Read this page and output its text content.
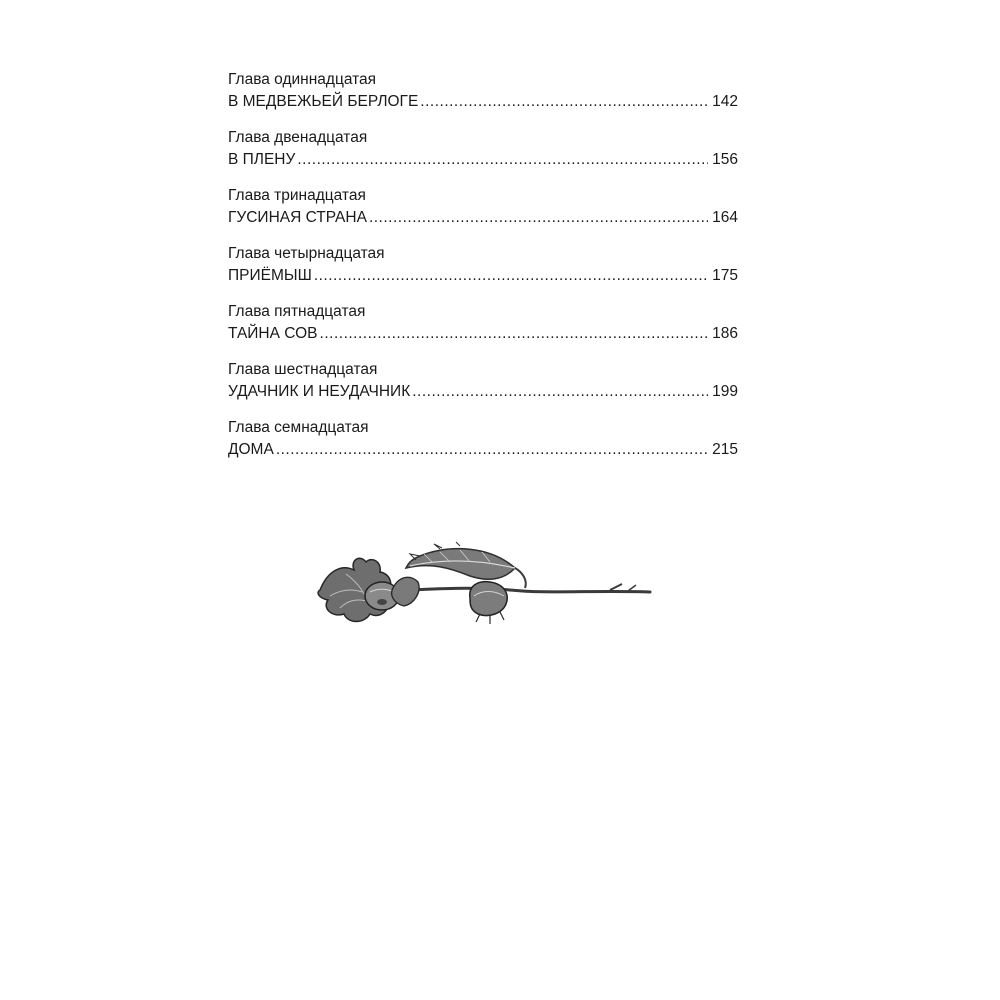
Глава одиннадцатая
В МЕДВЕЖЬЕЙ БЕРЛОГЕ .....	142
Глава двенадцатая
В ПЛЕНУ .....	156
Глава тринадцатая
ГУСИНАЯ СТРАНА .....	164
Глава четырнадцатая
ПРИЁМЫШ .....	175
Глава пятнадцатая
ТАЙНА СОВ .....	186
Глава шестнадцатая
УДАЧНИК И НЕУДАЧНИК .....	199
Глава семнадцатая
ДОМА .....	215
